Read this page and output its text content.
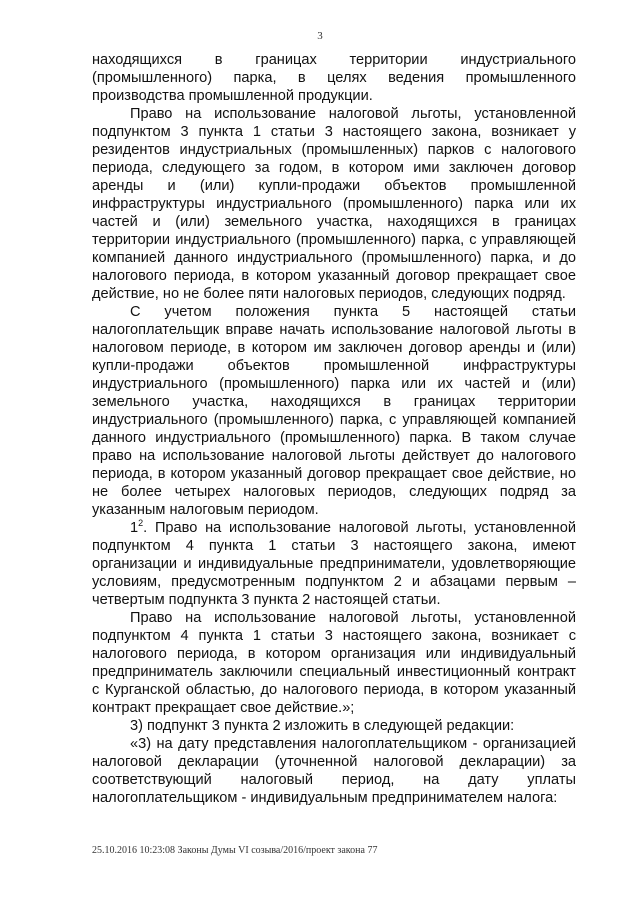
3

находящихся в границах территории индустриального (промышленного) парка, в целях ведения промышленного производства промышленной продукции.

Право на использование налоговой льготы, установленной подпунктом 3 пункта 1 статьи 3 настоящего закона, возникает у резидентов индустриальных (промышленных) парков с налогового периода, следующего за годом, в котором ими заключен договор аренды и (или) купли-продажи объектов промышленной инфраструктуры индустриального (промышленного) парка или их частей и (или) земельного участка, находящихся в границах территории индустриального (промышленного) парка, с управляющей компанией данного индустриального (промышленного) парка, и до налогового периода, в котором указанный договор прекращает свое действие, но не более пяти налоговых периодов, следующих подряд.

С учетом положения пункта 5 настоящей статьи налогоплательщик вправе начать использование налоговой льготы в налоговом периоде, в котором им заключен договор аренды и (или) купли-продажи объектов промышленной инфраструктуры индустриального (промышленного) парка или их частей и (или) земельного участка, находящихся в границах территории индустриального (промышленного) парка, с управляющей компанией данного индустриального (промышленного) парка. В таком случае право на использование налоговой льготы действует до налогового периода, в котором указанный договор прекращает свое действие, но не более четырех налоговых периодов, следующих подряд за указанным налоговым периодом.

$1^2$. Право на использование налоговой льготы, установленной подпунктом 4 пункта 1 статьи 3 настоящего закона, имеют организации и индивидуальные предприниматели, удовлетворяющие условиям, предусмотренным подпунктом 2 и абзацами первым – четвертым подпункта 3 пункта 2 настоящей статьи.

Право на использование налоговой льготы, установленной подпунктом 4 пункта 1 статьи 3 настоящего закона, возникает с налогового периода, в котором организация или индивидуальный предприниматель заключили специальный инвестиционный контракт с Курганской областью, до налогового периода, в котором указанный контракт прекращает свое действие.»;

3) подпункт 3 пункта 2 изложить в следующей редакции:

«3) на дату представления налогоплательщиком - организацией налоговой декларации (уточненной налоговой декларации) за соответствующий налоговый период, на дату уплаты налогоплательщиком - индивидуальным предпринимателем налога:

25.10.2016 10:23:08 Законы Думы VI созыва/2016/проект закона 77
